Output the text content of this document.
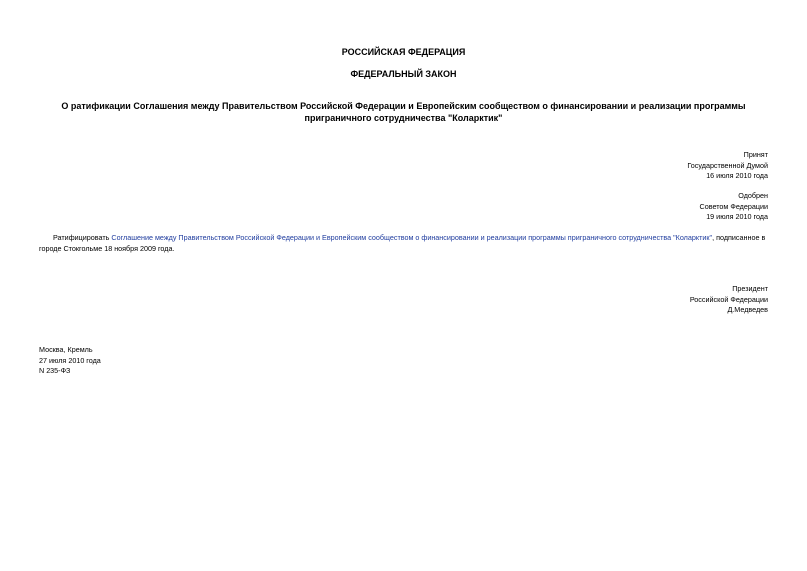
РОССИЙСКАЯ ФЕДЕРАЦИЯ
ФЕДЕРАЛЬНЫЙ ЗАКОН
О ратификации Соглашения между Правительством Российской Федерации и Европейским сообществом о финансировании и реализации программы приграничного сотрудничества "Коларктик"
Принят
Государственной Думой
16 июля 2010 года
Одобрен
Советом Федерации
19 июля 2010 года

Ратифицировать Соглашение между Правительством Российской Федерации и Европейским сообществом о финансировании и реализации программы приграничного сотрудничества "Коларктик", подписанное в городе Стокгольме 18 ноября 2009 года.

Президент
Российской Федерации
Д.Медведев
Москва, Кремль
27 июля 2010 года
N 235-ФЗ
